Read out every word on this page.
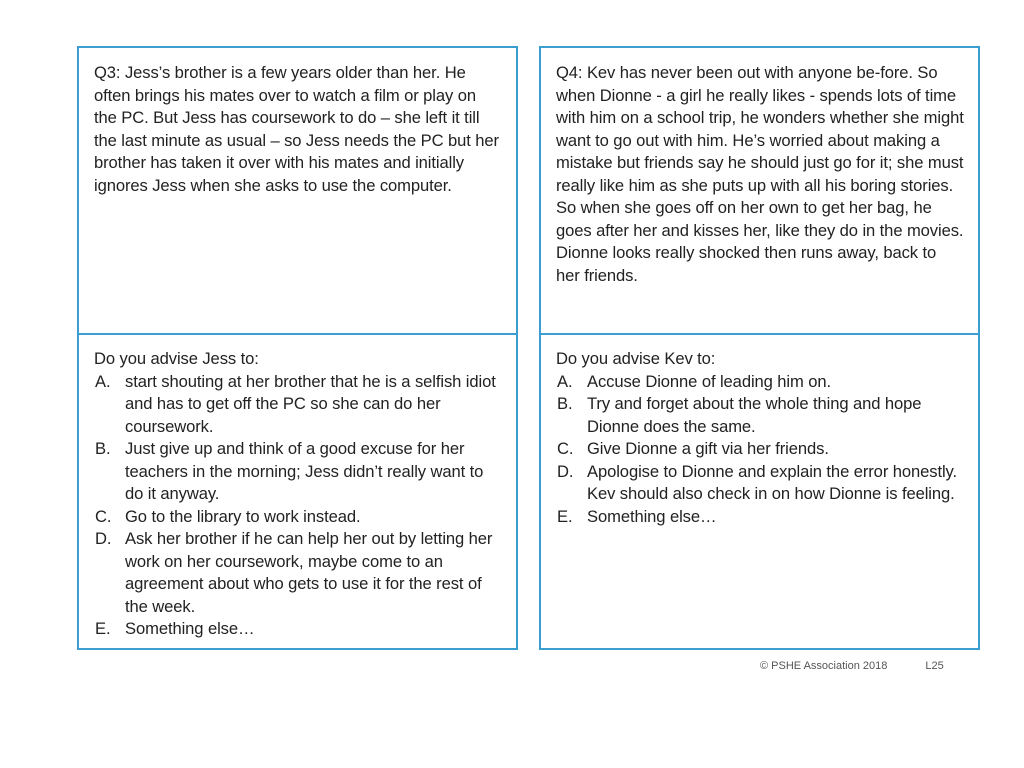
Q3: Jess’s brother is a few years older than her. He often brings his mates over to watch a film or play on the PC. But Jess has coursework to do – she left it till the last minute as usual – so Jess needs the PC but her brother has taken it over with his mates and initially ignores Jess when she asks to use the computer.
Q4: Kev has never been out with anyone be-fore. So when Dionne - a girl he really likes - spends lots of time with him on a school trip, he wonders whether she might want to go out with him. He’s worried about making a mistake but friends say he should just go for it; she must really like him as she puts up with all his boring stories. So when she goes off on her own to get her bag, he goes after her and kisses her, like they do in the movies. Dionne looks really shocked then runs away, back to her friends.

Do you advise Jess to:

A. start shouting at her brother that he is a selfish idiot and has to get off the PC so she can do her coursework.
B. Just give up and think of a good excuse for her teachers in the morning; Jess didn’t really want to do it anyway.
C. Go to the library to work instead.
D. Ask her brother if he can help her out by letting her work on her coursework, maybe come to an agreement about who gets to use it for the rest of the week.
E. Something else…

Do you advise Kev to:

A. Accuse Dionne of leading him on.
B. Try and forget about the whole thing and hope Dionne does the same.
C. Give Dionne a gift via her friends.
D. Apologise to Dionne and explain the error honestly. Kev should also check in on how Dionne is feeling.
E. Something else…
© PSHE Association 2018	L25
